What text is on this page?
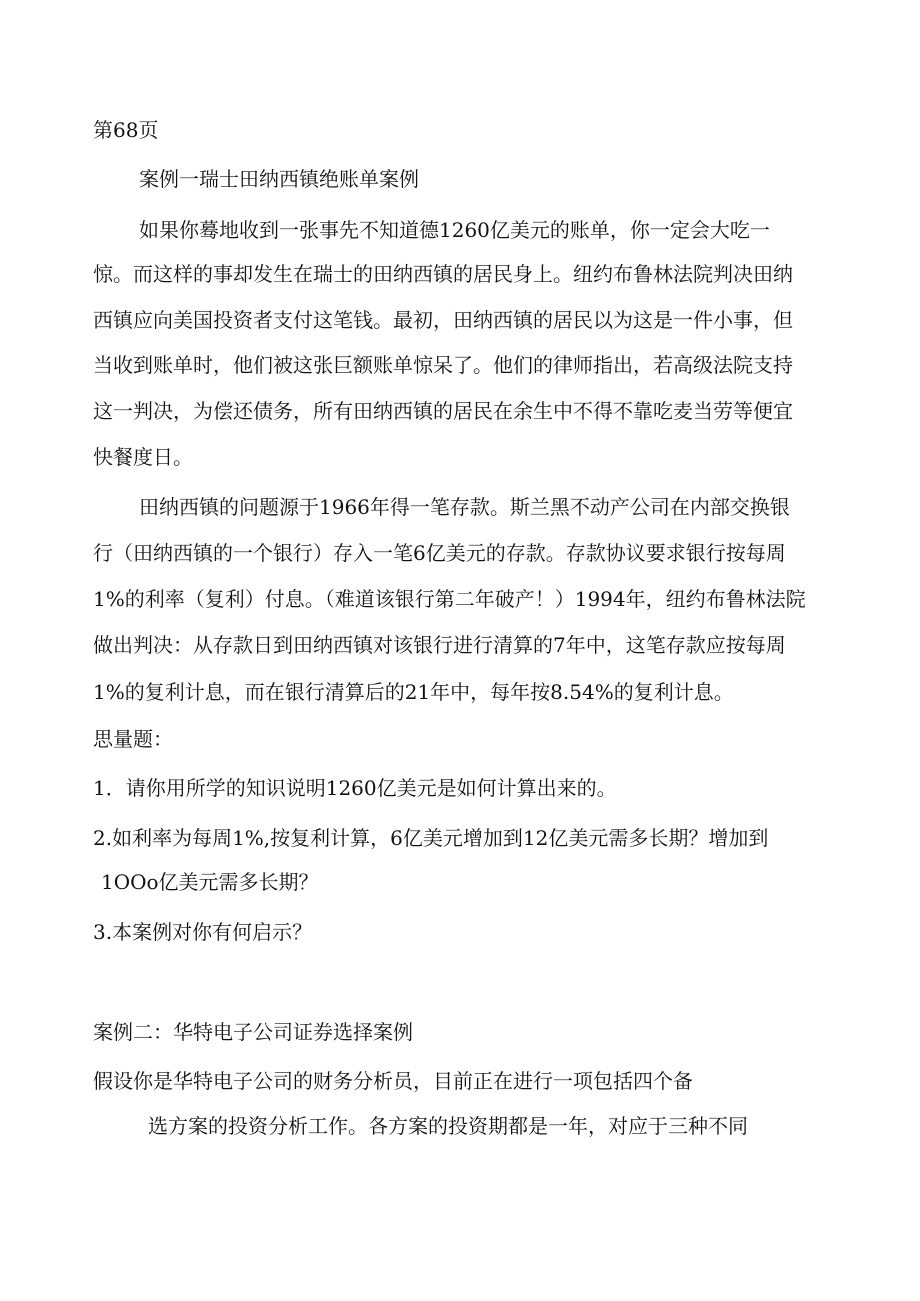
第68页
案例一瑞士田纳西镇绝账单案例
如果你蓦地收到一张事先不知道德1260亿美元的账单，你一定会大吃一
惊。而这样的事却发生在瑞士的田纳西镇的居民身上。纽约布鲁林法院判决田纳
西镇应向美国投资者支付这笔钱。最初，田纳西镇的居民以为这是一件小事，但
当收到账单时，他们被这张巨额账单惊呆了。他们的律师指出，若高级法院支持
这一判决，为偿还债务，所有田纳西镇的居民在余生中不得不靠吃麦当劳等便宜
快餐度日。
田纳西镇的问题源于1966年得一笔存款。斯兰黑不动产公司在内部交换银
行（田纳西镇的一个银行）存入一笔6亿美元的存款。存款协议要求银行按每周
1%的利率（复利）付息。（难道该银行第二年破产！）1994年，纽约布鲁林法院
做出判决：从存款日到田纳西镇对该银行进行清算的7年中，这笔存款应按每周
1%的复利计息，而在银行清算后的21年中，每年按8.54%的复利计息。
思量题：
1．请你用所学的知识说明1260亿美元是如何计算出来的。
2.如利率为每周1%,按复利计算，6亿美元增加到12亿美元需多长期？增加到
1OOo亿美元需多长期？
3.本案例对你有何启示？
案例二：华特电子公司证券选择案例
假设你是华特电子公司的财务分析员，目前正在进行一项包括四个备
选方案的投资分析工作。各方案的投资期都是一年，对应于三种不同
